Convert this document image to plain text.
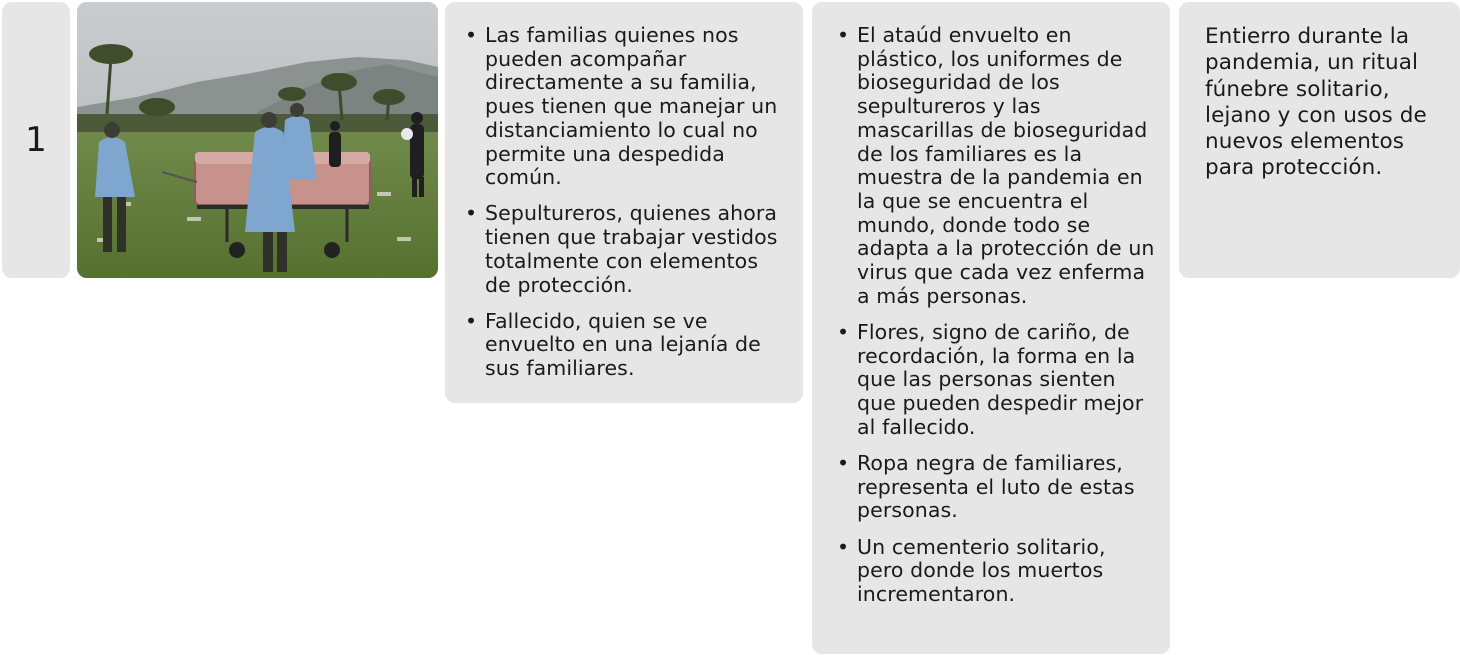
1
• Las familias quienes nos pueden acompañar directamente a su familia, pues tienen que manejar un distanciamiento lo cual no permite una despedida común.
• Sepultureros, quienes ahora tienen que trabajar vestidos totalmente con elementos de protección.
• Fallecido, quien se ve envuelto en una lejanía de sus familiares.
• El ataúd envuelto en plástico, los uniformes de bioseguridad de los sepultureros y las mascarillas de bioseguridad de los familiares es la muestra de la pandemia en la que se encuentra el mundo, donde todo se adapta a la protección de un virus que cada vez enferma a más personas.
• Flores, signo de cariño, de recordación, la forma en la que las personas sienten que pueden despedir mejor al fallecido.
• Ropa negra de familiares, representa el luto de estas personas.
• Un cementerio solitario, pero donde los muertos incrementaron.

Entierro durante la pandemia, un ritual fúnebre solitario, lejano y con usos de nuevos elementos para protección.
